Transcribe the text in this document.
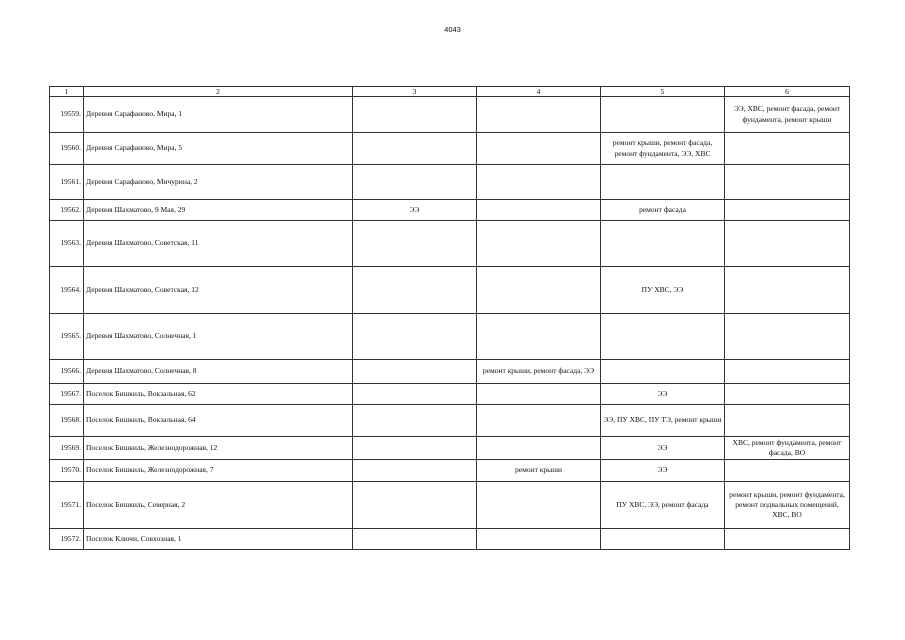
4043
1	2	3	4	5	6
19559.	Деревня Сарафаново, Мира, 1				ЭЭ, ХВС, ремонт фасада, ремонт фундамента, ремонт крыши
19560.	Деревня Сарафаново, Мира, 5			ремонт крыши, ремонт фасада, ремонт фундамента, ЭЭ, ХВС	
19561.	Деревня Сарафаново, Мичурина, 2				
19562.	Деревня Шахматово, 9 Мая, 29	ЭЭ		ремонт фасада	
19563.	Деревня Шахматово, Советская, 11				
19564.	Деревня Шахматово, Советская, 12			ПУ ХВС, ЭЭ	
19565.	Деревня Шахматово, Солнечная, 1				
19566.	Деревня Шахматово, Солнечная, 8		ремонт крыши, ремонт фасада, ЭЭ		
19567.	Поселок Бишкиль, Вокзальная, 62			ЭЭ	
19568.	Поселок Бишкиль, Вокзальная, 64			ЭЭ, ПУ ХВС, ПУ ТЭ, ремонт крыши	
19569.	Поселок Бишкиль, Железнодорожная, 12			ЭЭ	ХВС, ремонт фундамента, ремонт фасада, ВО
19570.	Поселок Бишкиль, Железнодорожная, 7		ремонт крыши	ЭЭ	
19571.	Поселок Бишкиль, Северная, 2			ПУ ХВС, ЭЭ, ремонт фасада	ремонт крыши, ремонт фундамента, ремонт подвальных помещений, ХВС, ВО
19572.	Поселок Ключи, Совхозная, 1				
